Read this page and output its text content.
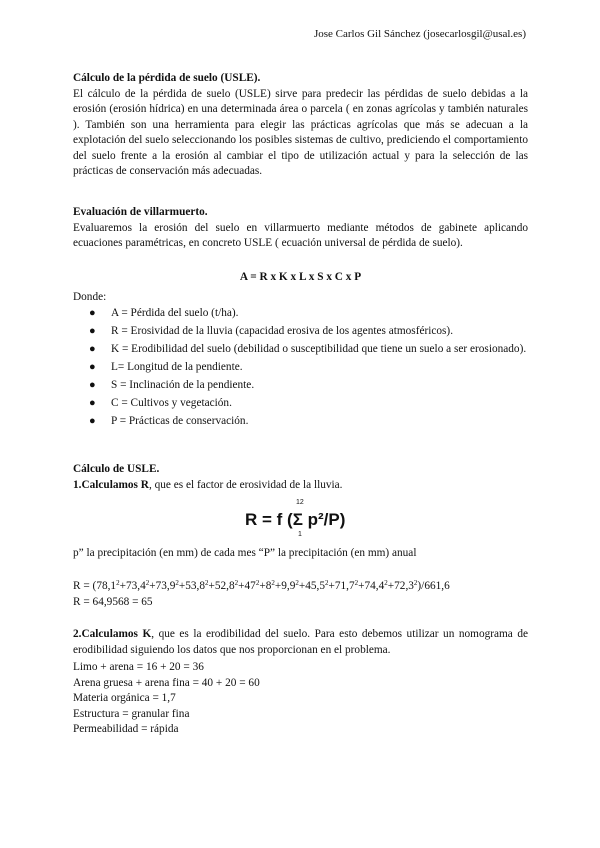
Jose Carlos Gil Sánchez (josecarlosgil@usal.es)
Cálculo de la pérdida de suelo (USLE).
El cálculo de la pérdida de suelo (USLE) sirve para predecir las pérdidas de suelo debidas a la erosión (erosión hídrica) en una determinada área o parcela ( en zonas agrícolas y también naturales ). También son una herramienta para elegir las prácticas agrícolas que más se adecuan a la explotación del suelo seleccionando los posibles sistemas de cultivo, prediciendo el comportamiento del suelo frente a la erosión al cambiar el tipo de utilización actual y para la selección de las prácticas de conservación más adecuadas.
Evaluación de villarmuerto.
Evaluaremos la erosión del suelo en villarmuerto mediante métodos de gabinete aplicando ecuaciones paramétricas, en concreto USLE ( ecuación universal de pérdida de suelo).
A = R x K x L x S x C x P
Donde:
● A = Pérdida del suelo (t/ha).
● R = Erosividad de la lluvia (capacidad erosiva de los agentes atmosféricos).
● K = Erodibilidad del suelo (debilidad o susceptibilidad que tiene un suelo a ser erosionado).
● L= Longitud de la pendiente.
● S = Inclinación de la pendiente.
● C = Cultivos y vegetación.
● P = Prácticas de conservación.
Cálculo de USLE.
1.Calculamos R, que es el factor de erosividad de la lluvia.
12
R = f (Σ p²/P)
1
p” la precipitación (en mm) de cada mes “P” la precipitación (en mm) anual
$R = (78,1^2+73,4^2+73,9^2+53,8^2+52,8^2+47^2+8^2+9,9^2+45,5^2+71,7^2+74,4^2+72,3^2)/661,6$
R = 64,9568 = 65
2.Calculamos K, que es la erodibilidad del suelo. Para esto debemos utilizar un nomograma de erodibilidad siguiendo los datos que nos proporcionan en el problema.
Limo + arena = 16 + 20 = 36
Arena gruesa + arena fina = 40 + 20 = 60
Materia orgánica = 1,7
Estructura = granular fina
Permeabilidad = rápida
